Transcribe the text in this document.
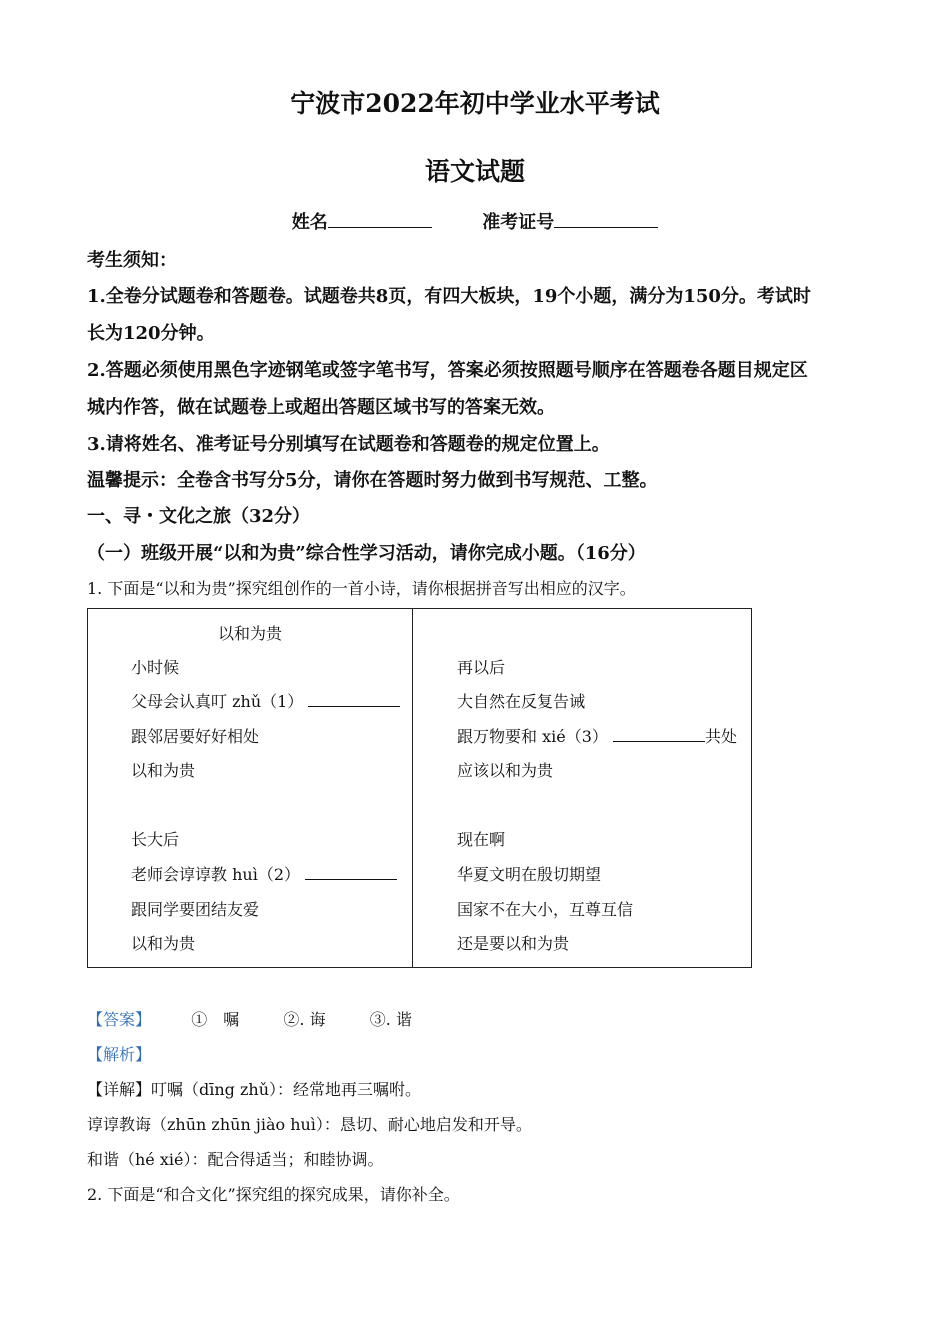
宁波市2022年初中学业水平考试
语文试题
姓名	准考证号
考生须知：
1.全卷分试题卷和答题卷。试题卷共8页，有四大板块，19个小题，满分为150分。考试时
长为120分钟。
2.答题必须使用黑色字迹钢笔或签字笔书写，答案必须按照题号顺序在答题卷各题目规定区
城内作答，做在试题卷上或超出答题区域书写的答案无效。
3.请将姓名、准考证号分别填写在试题卷和答题卷的规定位置上。
温馨提示：全卷含书写分5分，请你在答题时努力做到书写规范、工整。
一、寻・文化之旅（32分）
（一）班级开展“以和为贵”综合性学习活动，请你完成小题。（16分）
1. 下面是“以和为贵”探究组创作的一首小诗，请你根据拼音写出相应的汉字。
以和为贵
小时候
父母会认真叮 zhǔ（1）
跟邻居要好好相处
以和为贵
长大后
老师会谆谆教 huì（2）
跟同学要团结友爱
以和为贵

再以后
大自然在反复告诫
跟万物要和 xié（3）	共处
应该以和为贵
现在啊
华夏文明在殷切期望
国家不在大小，互尊互信
还是要以和为贵
【答案】	①　嘱	②. 诲	③. 谐
【解析】
【详解】叮嘱（dīng zhǔ）：经常地再三嘱咐。
谆谆教诲（zhūn zhūn jiào huì）：恳切、耐心地启发和开导。
和谐（hé xié）：配合得适当；和睦协调。
2. 下面是“和合文化”探究组的探究成果，请你补全。
